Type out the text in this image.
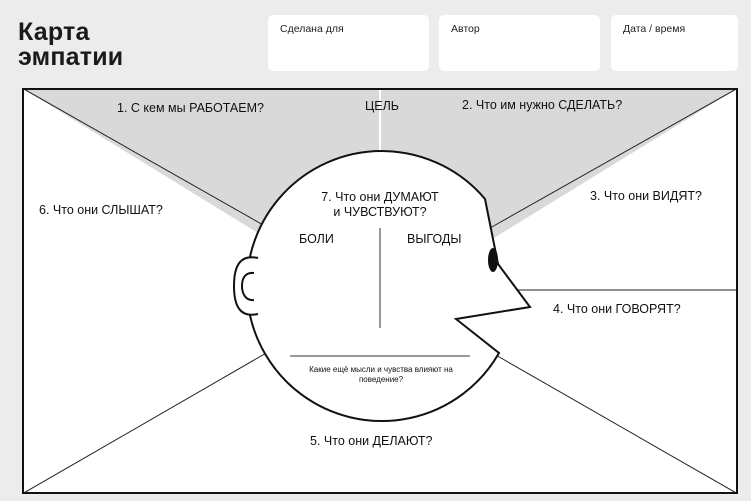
Карта
эмпатии
Сделана для	Автор	Дата / время
1. С кем мы РАБОТАЕМ?	ЦЕЛЬ	2. Что им нужно СДЕЛАТЬ?
3. Что они ВИДЯТ?
4. Что они ГОВОРЯТ?
5. Что они ДЕЛАЮТ?
6. Что они СЛЫШАТ?
7. Что они ДУМАЮТ
и ЧУВСТВУЮТ?
БОЛИ	ВЫГОДЫ
Какие ещё мысли и чувства влияют на поведение?
